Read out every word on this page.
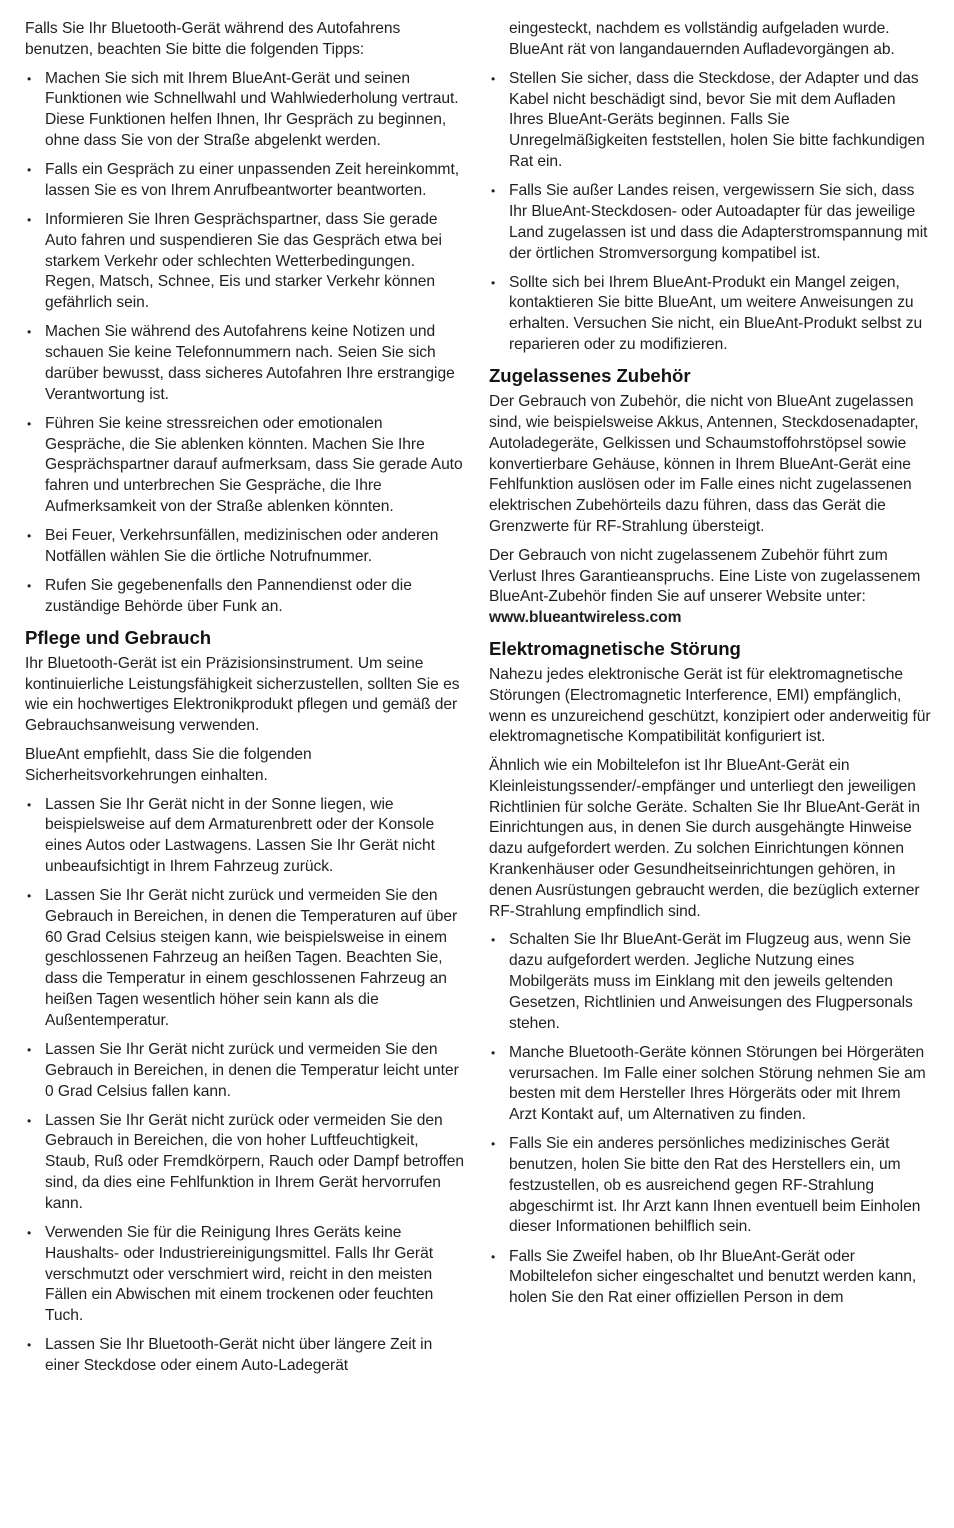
Falls Sie Ihr Bluetooth-Gerät während des Autofahrens benutzen, beachten Sie bitte die folgenden Tipps:

• Machen Sie sich mit Ihrem BlueAnt-Gerät und seinen Funktionen wie Schnellwahl und Wahlwiederholung vertraut. Diese Funktionen helfen Ihnen, Ihr Gespräch zu beginnen, ohne dass Sie von der Straße abgelenkt werden.
• Falls ein Gespräch zu einer unpassenden Zeit hereinkommt, lassen Sie es von Ihrem Anrufbeantworter beantworten.
• Informieren Sie Ihren Gesprächspartner, dass Sie gerade Auto fahren und suspendieren Sie das Gespräch etwa bei starkem Verkehr oder schlechten Wetterbedingungen. Regen, Matsch, Schnee, Eis und starker Verkehr können gefährlich sein.
• Machen Sie während des Autofahrens keine Notizen und schauen Sie keine Telefonnummern nach. Seien Sie sich darüber bewusst, dass sicheres Autofahren Ihre erstrangige Verantwortung ist.
• Führen Sie keine stressreichen oder emotionalen Gespräche, die Sie ablenken könnten. Machen Sie Ihre Gesprächspartner darauf aufmerksam, dass Sie gerade Auto fahren und unterbrechen Sie Gespräche, die Ihre Aufmerksamkeit von der Straße ablenken könnten.
• Bei Feuer, Verkehrsunfällen, medizinischen oder anderen Notfällen wählen Sie die örtliche Notrufnummer.
• Rufen Sie gegebenenfalls den Pannendienst oder die zuständige Behörde über Funk an.
Pflege und Gebrauch

Ihr Bluetooth-Gerät ist ein Präzisionsinstrument. Um seine kontinuierliche Leistungsfähigkeit sicherzustellen, sollten Sie es wie ein hochwertiges Elektronikprodukt pflegen und gemäß der Gebrauchsanweisung verwenden.

BlueAnt empfiehlt, dass Sie die folgenden Sicherheitsvorkehrungen einhalten.

• Lassen Sie Ihr Gerät nicht in der Sonne liegen, wie beispielsweise auf dem Armaturenbrett oder der Konsole eines Autos oder Lastwagens. Lassen Sie Ihr Gerät nicht unbeaufsichtigt in Ihrem Fahrzeug zurück.
• Lassen Sie Ihr Gerät nicht zurück und vermeiden Sie den Gebrauch in Bereichen, in denen die Temperaturen auf über 60 Grad Celsius steigen kann, wie beispielsweise in einem geschlossenen Fahrzeug an heißen Tagen. Beachten Sie, dass die Temperatur in einem geschlossenen Fahrzeug an heißen Tagen wesentlich höher sein kann als die Außentemperatur.
• Lassen Sie Ihr Gerät nicht zurück und vermeiden Sie den Gebrauch in Bereichen, in denen die Temperatur leicht unter 0 Grad Celsius fallen kann.
• Lassen Sie Ihr Gerät nicht zurück oder vermeiden Sie den Gebrauch in Bereichen, die von hoher Luftfeuchtigkeit, Staub, Ruß oder Fremdkörpern, Rauch oder Dampf betroffen sind, da dies eine Fehlfunktion in Ihrem Gerät hervorrufen kann.
• Verwenden Sie für die Reinigung Ihres Geräts keine Haushalts- oder Industriereinigungsmittel. Falls Ihr Gerät verschmutzt oder verschmiert wird, reicht in den meisten Fällen ein Abwischen mit einem trockenen oder feuchten Tuch.
• Lassen Sie Ihr Bluetooth-Gerät nicht über längere Zeit in einer Steckdose oder einem Auto-Ladegerät
eingesteckt, nachdem es vollständig aufgeladen wurde. BlueAnt rät von langandauernden Aufladevorgängen ab.
• Stellen Sie sicher, dass die Steckdose, der Adapter und das Kabel nicht beschädigt sind, bevor Sie mit dem Aufladen Ihres BlueAnt-Geräts beginnen. Falls Sie Unregelmäßigkeiten feststellen, holen Sie bitte fachkundigen Rat ein.
• Falls Sie außer Landes reisen, vergewissern Sie sich, dass Ihr BlueAnt-Steckdosen- oder Autoadapter für das jeweilige Land zugelassen ist und dass die Adapterstromspannung mit der örtlichen Stromversorgung kompatibel ist.
• Sollte sich bei Ihrem BlueAnt-Produkt ein Mangel zeigen, kontaktieren Sie bitte BlueAnt, um weitere Anweisungen zu erhalten. Versuchen Sie nicht, ein BlueAnt-Produkt selbst zu reparieren oder zu modifizieren.
Zugelassenes Zubehör

Der Gebrauch von Zubehör, die nicht von BlueAnt zugelassen sind, wie beispielsweise Akkus, Antennen, Steckdosenadapter, Autoladegeräte, Gelkissen und Schaumstoffohrstöpsel sowie konvertierbare Gehäuse, können in Ihrem BlueAnt-Gerät eine Fehlfunktion auslösen oder im Falle eines nicht zugelassenen elektrischen Zubehörteils dazu führen, dass das Gerät die Grenzwerte für RF-Strahlung übersteigt.

Der Gebrauch von nicht zugelassenem Zubehör führt zum Verlust Ihres Garantieanspruchs. Eine Liste von zugelassenem BlueAnt-Zubehör finden Sie auf unserer Website unter: www.blueantwireless.com

Elektromagnetische Störung

Nahezu jedes elektronische Gerät ist für elektromagnetische Störungen (Electromagnetic Interference, EMI) empfänglich, wenn es unzureichend geschützt, konzipiert oder anderweitig für elektromagnetische Kompatibilität konfiguriert ist.

Ähnlich wie ein Mobiltelefon ist Ihr BlueAnt-Gerät ein Kleinleistungssender/-empfänger und unterliegt den jeweiligen Richtlinien für solche Geräte. Schalten Sie Ihr BlueAnt-Gerät in Einrichtungen aus, in denen Sie durch ausgehängte Hinweise dazu aufgefordert werden. Zu solchen Einrichtungen können Krankenhäuser oder Gesundheitseinrichtungen gehören, in denen Ausrüstungen gebraucht werden, die bezüglich externer RF-Strahlung empfindlich sind.

• Schalten Sie Ihr BlueAnt-Gerät im Flugzeug aus, wenn Sie dazu aufgefordert werden. Jegliche Nutzung eines Mobilgeräts muss im Einklang mit den jeweils geltenden Gesetzen, Richtlinien und Anweisungen des Flugpersonals stehen.
• Manche Bluetooth-Geräte können Störungen bei Hörgeräten verursachen. Im Falle einer solchen Störung nehmen Sie am besten mit dem Hersteller Ihres Hörgeräts oder mit Ihrem Arzt Kontakt auf, um Alternativen zu finden.
• Falls Sie ein anderes persönliches medizinisches Gerät benutzen, holen Sie bitte den Rat des Herstellers ein, um festzustellen, ob es ausreichend gegen RF-Strahlung abgeschirmt ist. Ihr Arzt kann Ihnen eventuell beim Einholen dieser Informationen behilflich sein.
• Falls Sie Zweifel haben, ob Ihr BlueAnt-Gerät oder Mobiltelefon sicher eingeschaltet und benutzt werden kann, holen Sie den Rat einer offiziellen Person in dem
